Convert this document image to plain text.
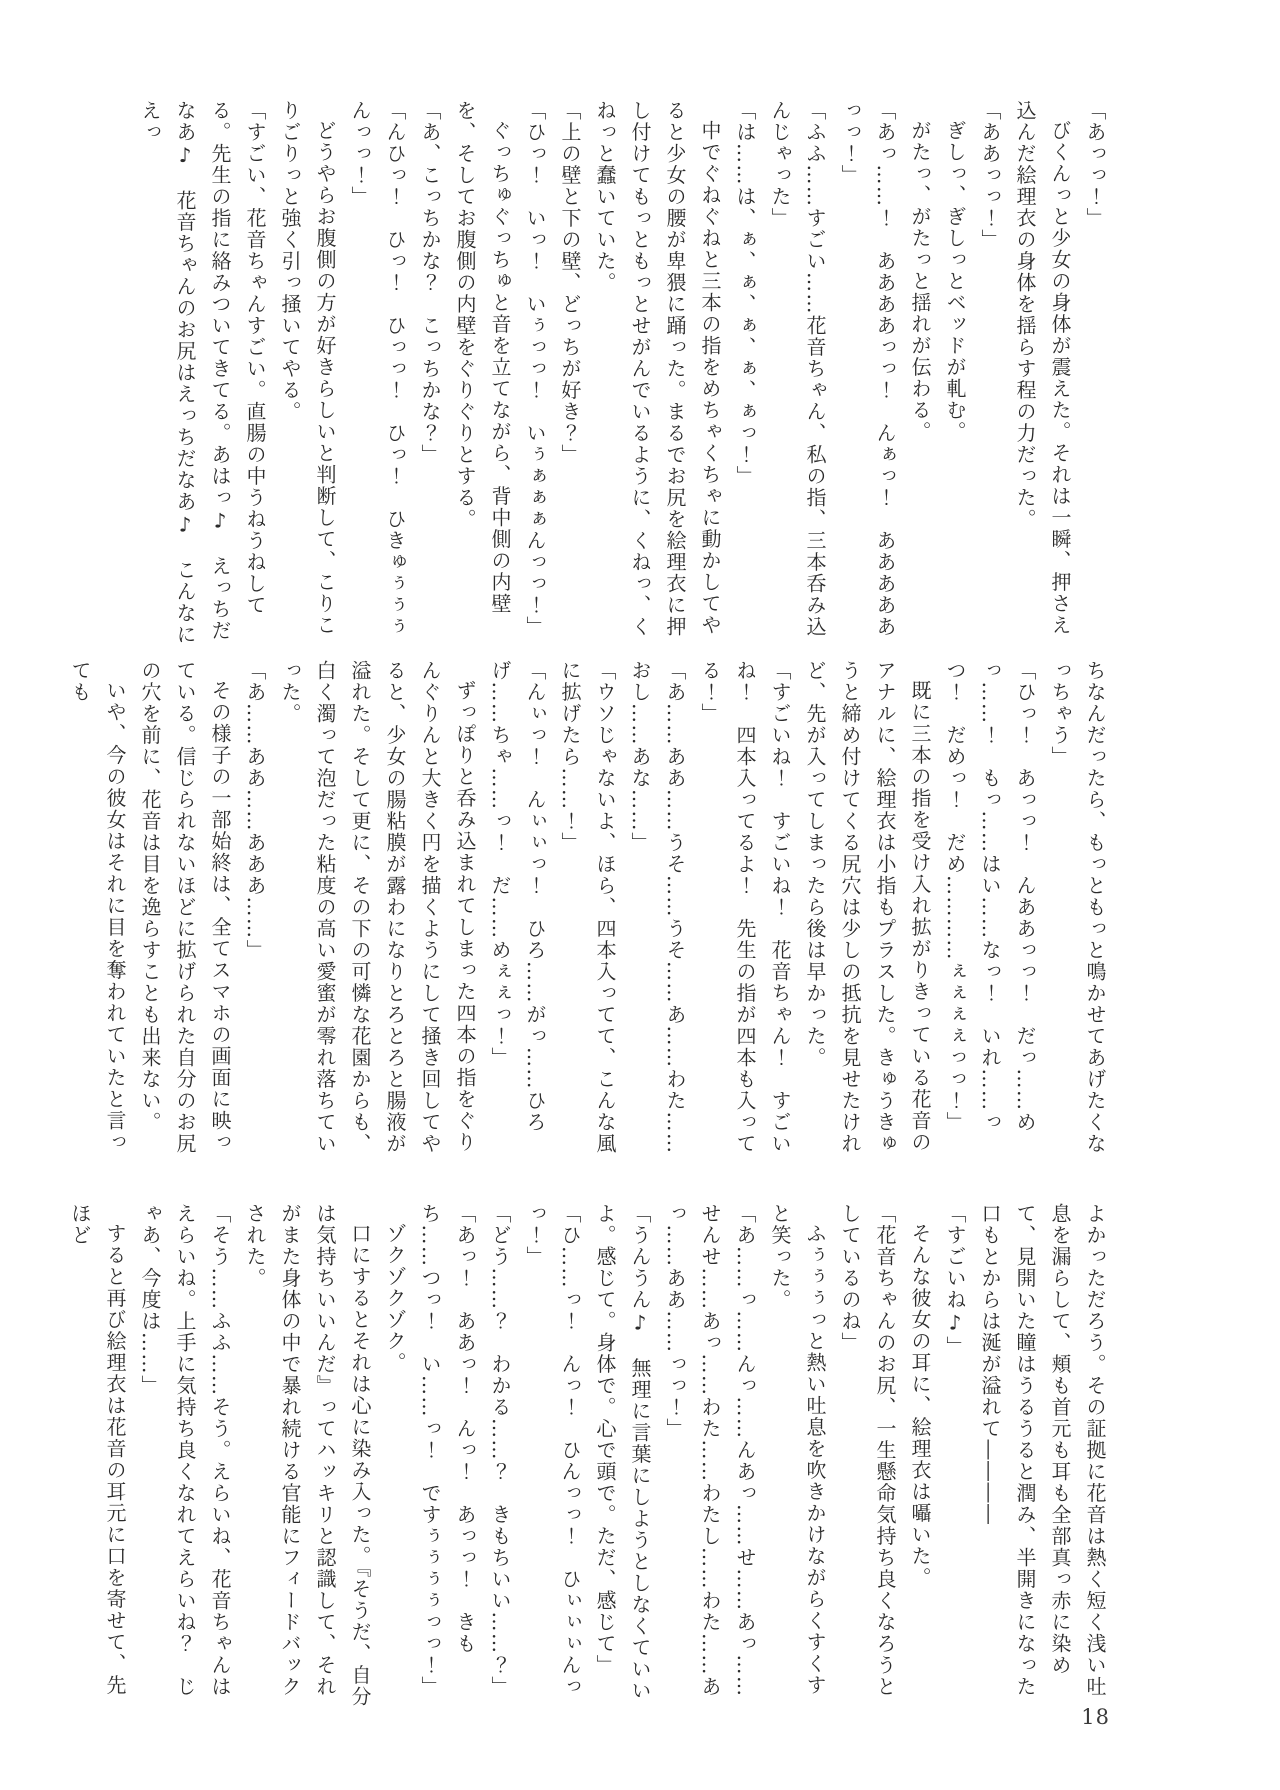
「あっっ！」

びくんっと少女の身体が震えた。それは一瞬、押さえ込んだ絵理衣の身体を揺らす程の力だった。

「ああっっ！」

ぎしっ、ぎしっとベッドが軋む。

がたっ、がたっと揺れが伝わる。

「あっ……！　ああああっっ！　んぁっ！　あああああっっ！」

「ふふ……すごい……花音ちゃん、私の指、三本呑み込んじゃった」

「は……は、ぁ、ぁ、ぁ、ぁ、ぁっ！」

中でぐねぐねと三本の指をめちゃくちゃに動かしてやると少女の腰が卑猥に踊った。まるでお尻を絵理衣に押し付けてもっともっとせがんでいるように、くねっ、くねっと蠢いていた。

「上の壁と下の壁、どっちが好き？」

「ひっ！　いっ！　いぅっっ！　いぅぁぁぁんっっ！」

ぐっちゅぐっちゅと音を立てながら、背中側の内壁を、そしてお腹側の内壁をぐりぐりとする。

「あ、こっちかな？　こっちかな？」

「んひっ！　ひっ！　ひっっ！　ひっ！　ひきゅぅぅぅんっっ！」

どうやらお腹側の方が好きらしいと判断して、こりこりごりっと強く引っ掻いてやる。

「すごい、花音ちゃんすごい。直腸の中うねうねしてる。先生の指に絡みついてきてる。あはっ♪　えっちだなあ♪　花音ちゃんのお尻はえっちだなあ♪　こんなにえっ

ちなんだったら、もっともっと鳴かせてあげたくなっちゃう」

「ひっ！　あっっ！　んああっっ！　だっ……めっ……！　もっ……はい……なっ！　いれ……っつ！　だめっ！　だめ…………ぇぇぇぇっっ！」

既に三本の指を受け入れ拡がりきっている花音のアナルに、絵理衣は小指もプラスした。きゅうきゅうと締め付けてくる尻穴は少しの抵抗を見せたけれど、先が入ってしまったら後は早かった。

「すごいね！　すごいね！　花音ちゃん！　すごいね！　四本入ってるよ！　先生の指が四本も入ってる！」

「あ……ああ……うそ……うそ……あ……わた……おし……あな……」

「ウソじゃないよ、ほら、四本入ってて、こんな風に拡げたら……！」

「んぃっ！　んぃぃっ！　ひろ……がっ……ひろげ……ちゃ……っ！　だ……めぇぇっ！」

ずっぽりと呑み込まれてしまった四本の指をぐりんぐりんと大きく円を描くようにして掻き回してやると、少女の腸粘膜が露わになりとろとろと腸液が溢れた。そして更に、その下の可憐な花園からも、白く濁って泡だった粘度の高い愛蜜が零れ落ちていった。

「あ……ああ……あああ……」

その様子の一部始終は、全てスマホの画面に映っている。信じられないほどに拡げられた自分のお尻の穴を前に、花音は目を逸らすことも出来ない。

いや、今の彼女はそれに目を奪われていたと言っても

よかっただろう。その証拠に花音は熱く短く浅い吐息を漏らして、頬も首元も耳も全部真っ赤に染めて、見開いた瞳はうるうると潤み、半開きになった口もとからは涎が溢れて――――

「すごいね♪」

そんな彼女の耳に、絵理衣は囁いた。

「花音ちゃんのお尻、一生懸命気持ち良くなろうとしているのね」

ふぅぅぅっと熱い吐息を吹きかけながらくすくすと笑った。

「あ……っ……んっ……んあっ……せ……あっ……せんせ……あっ……わた……わたし……わた……あっ……ああ……っっ！」

「うんうん♪　無理に言葉にしようとしなくていいよ。感じて。身体で。心で頭で。ただ、感じて」

「ひ……っ！　んっ！　ひんっっ！　ひぃぃぃんっっ！」

「どう……？　わかる……？　きもちいい……？」

「あっ！　ああっ！　んっ！　あっっ！　きもち……つっ！　い……っ！　ですぅぅぅぅっっ！」

ゾクゾクゾク。

口にするとそれは心に染み入った。『そうだ、自分は気持ちいいんだ』ってハッキリと認識して、それがまた身体の中で暴れ続ける官能にフィードバックされた。

「そう……ふふ……そう。えらいね、花音ちゃんはえらいね。上手に気持ち良くなれてえらいね？　じゃあ、今度は……」

すると再び絵理衣は花音の耳元に口を寄せて、先ほど

18
